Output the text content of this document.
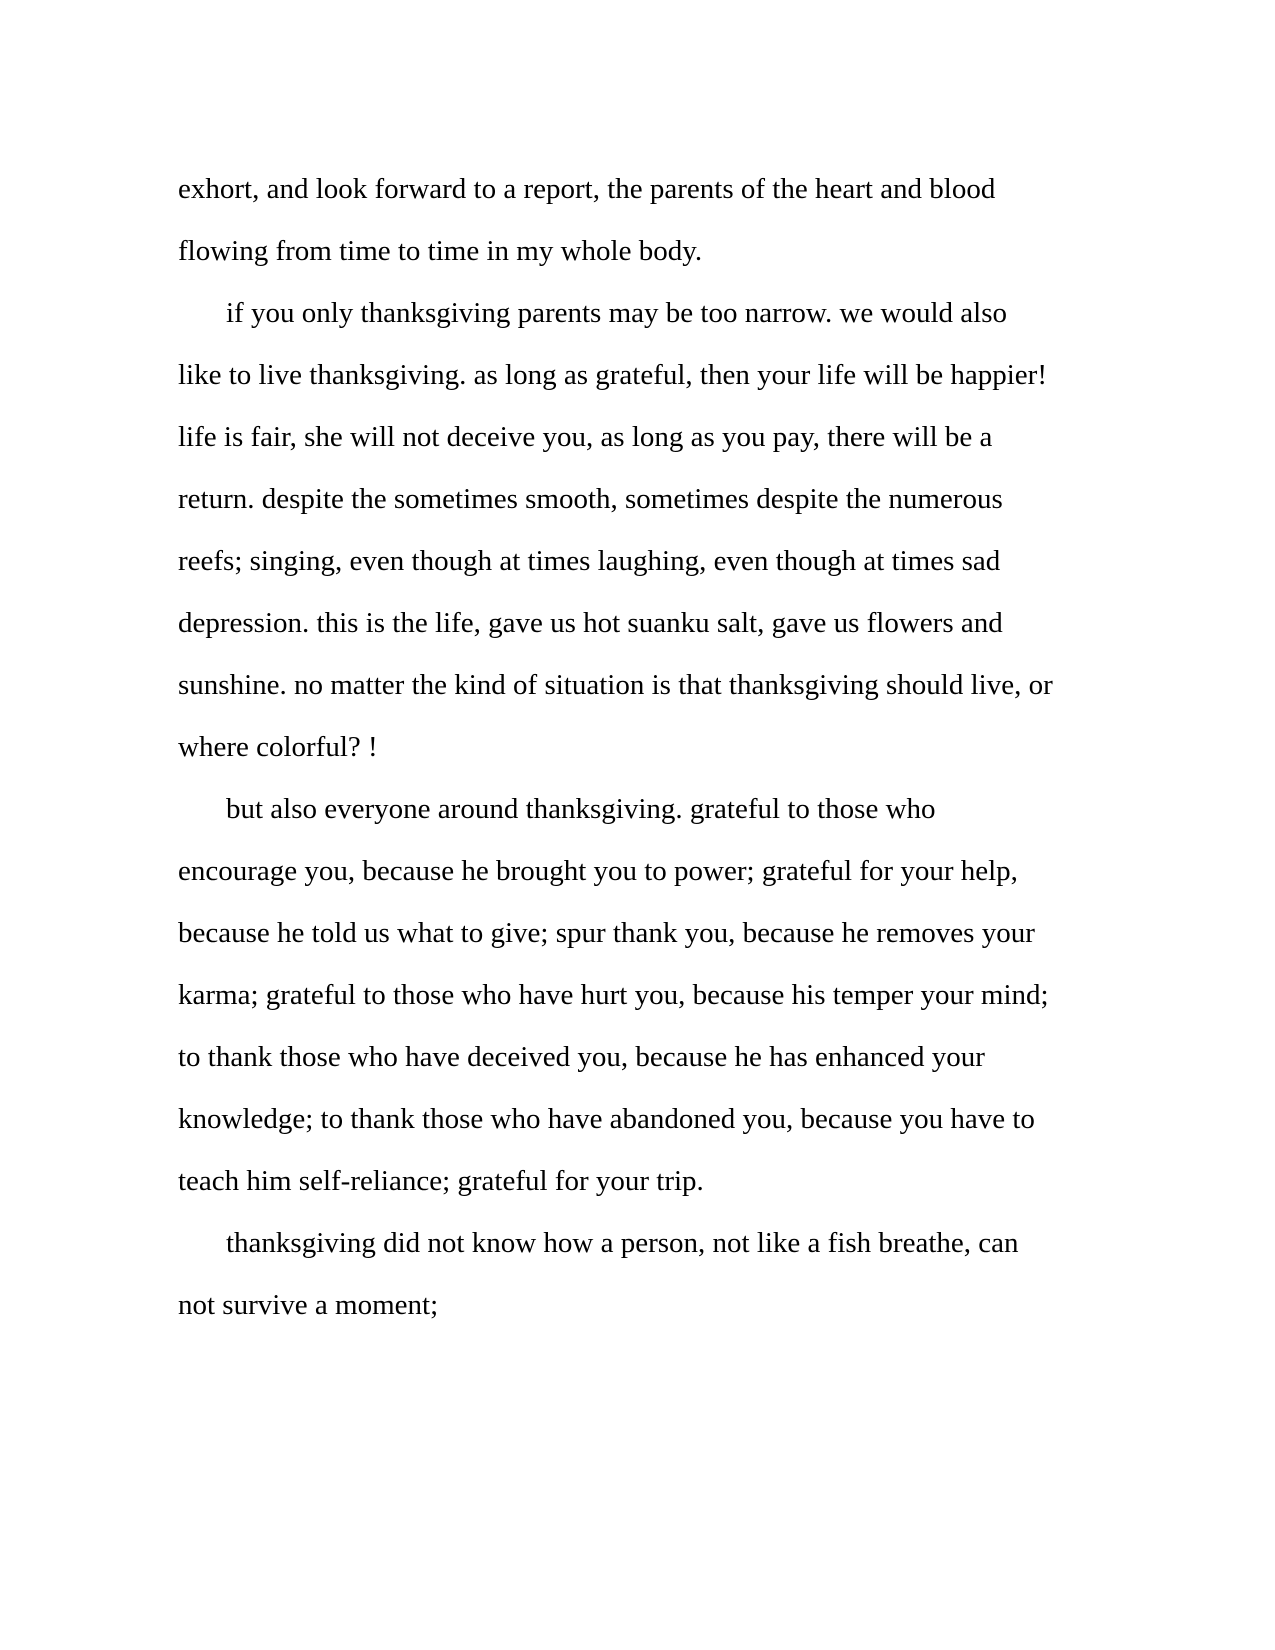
exhort, and look forward to a report, the parents of the heart and blood
flowing from time to time in my whole body.

if you only thanksgiving parents may be too narrow. we would also
like to live thanksgiving. as long as grateful, then your life will be happier!
life is fair, she will not deceive you, as long as you pay, there will be a
return. despite the sometimes smooth, sometimes despite the numerous
reefs; singing, even though at times laughing, even though at times sad
depression. this is the life, gave us hot suanku salt, gave us flowers and
sunshine. no matter the kind of situation is that thanksgiving should live, or
where colorful? !

but also everyone around thanksgiving. grateful to those who
encourage you, because he brought you to power; grateful for your help,
because he told us what to give; spur thank you, because he removes your
karma; grateful to those who have hurt you, because his temper your mind;
to thank those who have deceived you, because he has enhanced your
knowledge; to thank those who have abandoned you, because you have to
teach him self-reliance; grateful for your trip.

thanksgiving did not know how a person, not like a fish breathe, can
not survive a moment;
